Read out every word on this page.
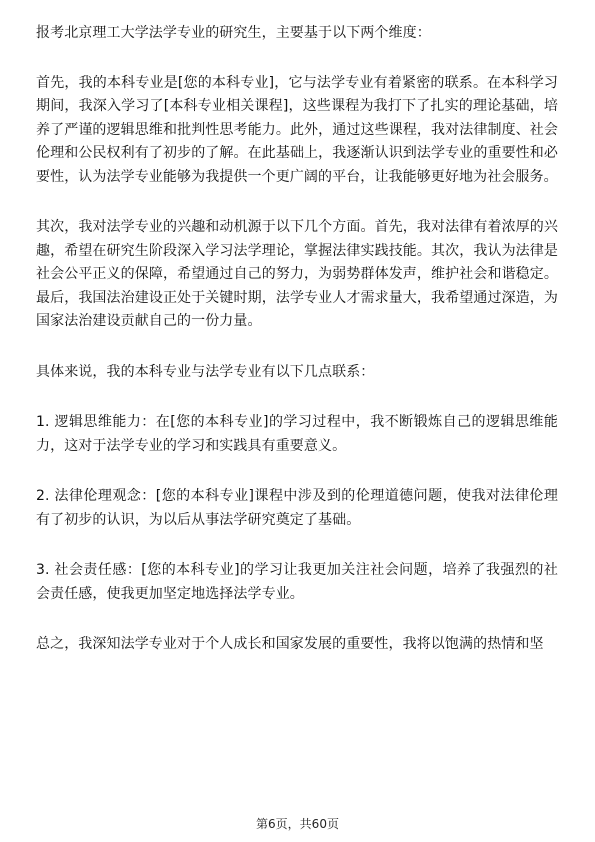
报考北京理工大学法学专业的研究生，主要基于以下两个维度：

首先，我的本科专业是[您的本科专业]，它与法学专业有着紧密的联系。在本科学习期间，我深入学习了[本科专业相关课程]，这些课程为我打下了扎实的理论基础，培养了严谨的逻辑思维和批判性思考能力。此外，通过这些课程，我对法律制度、社会伦理和公民权利有了初步的了解。在此基础上，我逐渐认识到法学专业的重要性和必要性，认为法学专业能够为我提供一个更广阔的平台，让我能够更好地为社会服务。

其次，我对法学专业的兴趣和动机源于以下几个方面。首先，我对法律有着浓厚的兴趣，希望在研究生阶段深入学习法学理论，掌握法律实践技能。其次，我认为法律是社会公平正义的保障，希望通过自己的努力，为弱势群体发声，维护社会和谐稳定。最后，我国法治建设正处于关键时期，法学专业人才需求量大，我希望通过深造，为国家法治建设贡献自己的一份力量。

具体来说，我的本科专业与法学专业有以下几点联系：

1. 逻辑思维能力：在[您的本科专业]的学习过程中，我不断锻炼自己的逻辑思维能力，这对于法学专业的学习和实践具有重要意义。

2. 法律伦理观念：[您的本科专业]课程中涉及到的伦理道德问题，使我对法律伦理有了初步的认识，为以后从事法学研究奠定了基础。

3. 社会责任感：[您的本科专业]的学习让我更加关注社会问题，培养了我强烈的社会责任感，使我更加坚定地选择法学专业。

总之，我深知法学专业对于个人成长和国家发展的重要性，我将以饱满的热情和坚

第6页，共60页
